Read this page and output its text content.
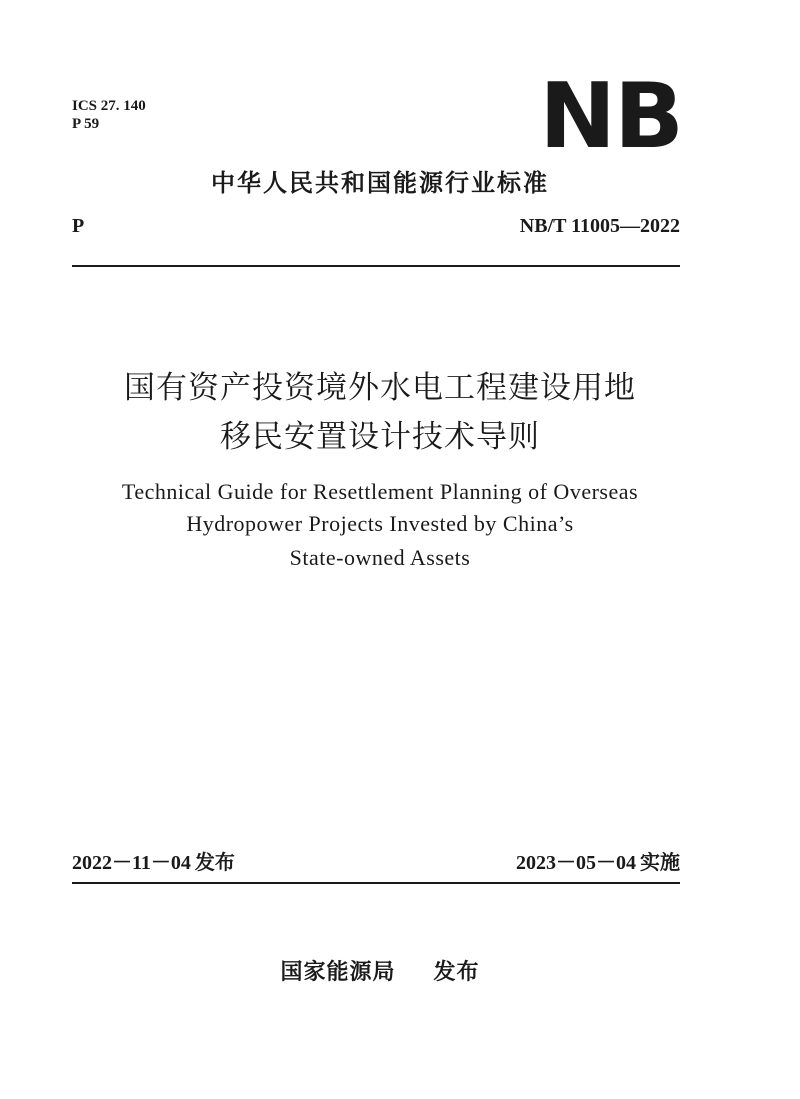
ICS 27. 140
P 59	NB
中华人民共和国能源行业标准
P	NB/T 11005—2022
国有资产投资境外水电工程建设用地
移民安置设计技术导则
Technical Guide for Resettlement Planning of Overseas
Hydropower Projects Invested by China’s
State-owned Assets
2022－11－04 发布	2023－05－04 实施
国家能源局 发布
